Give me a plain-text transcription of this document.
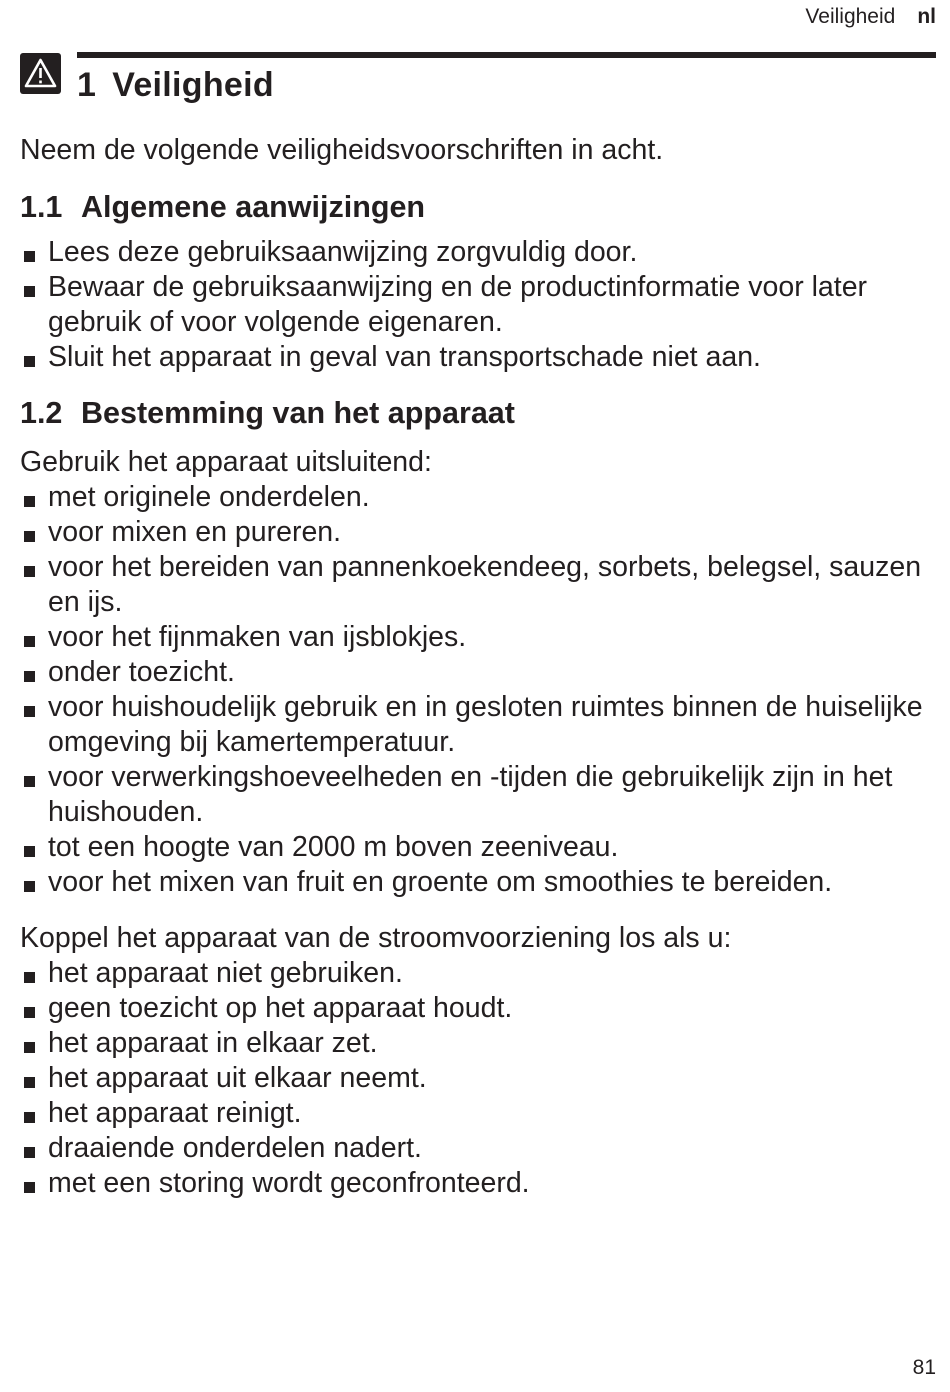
Veiligheid nl
1 Veiligheid

Neem de volgende veiligheidsvoorschriften in acht.

1.1 Algemene aanwijzingen
Lees deze gebruiksaanwijzing zorgvuldig door.
Bewaar de gebruiksaanwijzing en de productinformatie voor later gebruik of voor volgende eigenaren.
Sluit het apparaat in geval van transportschade niet aan.
1.2 Bestemming van het apparaat

Gebruik het apparaat uitsluitend:

met originele onderdelen.
voor mixen en pureren.
voor het bereiden van pannenkoekendeeg, sorbets, belegsel, sauzen en ijs.
voor het fijnmaken van ijsblokjes.
onder toezicht.
voor huishoudelijk gebruik en in gesloten ruimtes binnen de huiselijke omgeving bij kamertemperatuur.
voor verwerkingshoeveelheden en -tijden die gebruikelijk zijn in het huishouden.
tot een hoogte van 2000 m boven zeeniveau.
voor het mixen van fruit en groente om smoothies te bereiden.

Koppel het apparaat van de stroomvoorziening los als u:

het apparaat niet gebruiken.
geen toezicht op het apparaat houdt.
het apparaat in elkaar zet.
het apparaat uit elkaar neemt.
het apparaat reinigt.
draaiende onderdelen nadert.
met een storing wordt geconfronteerd.
81
